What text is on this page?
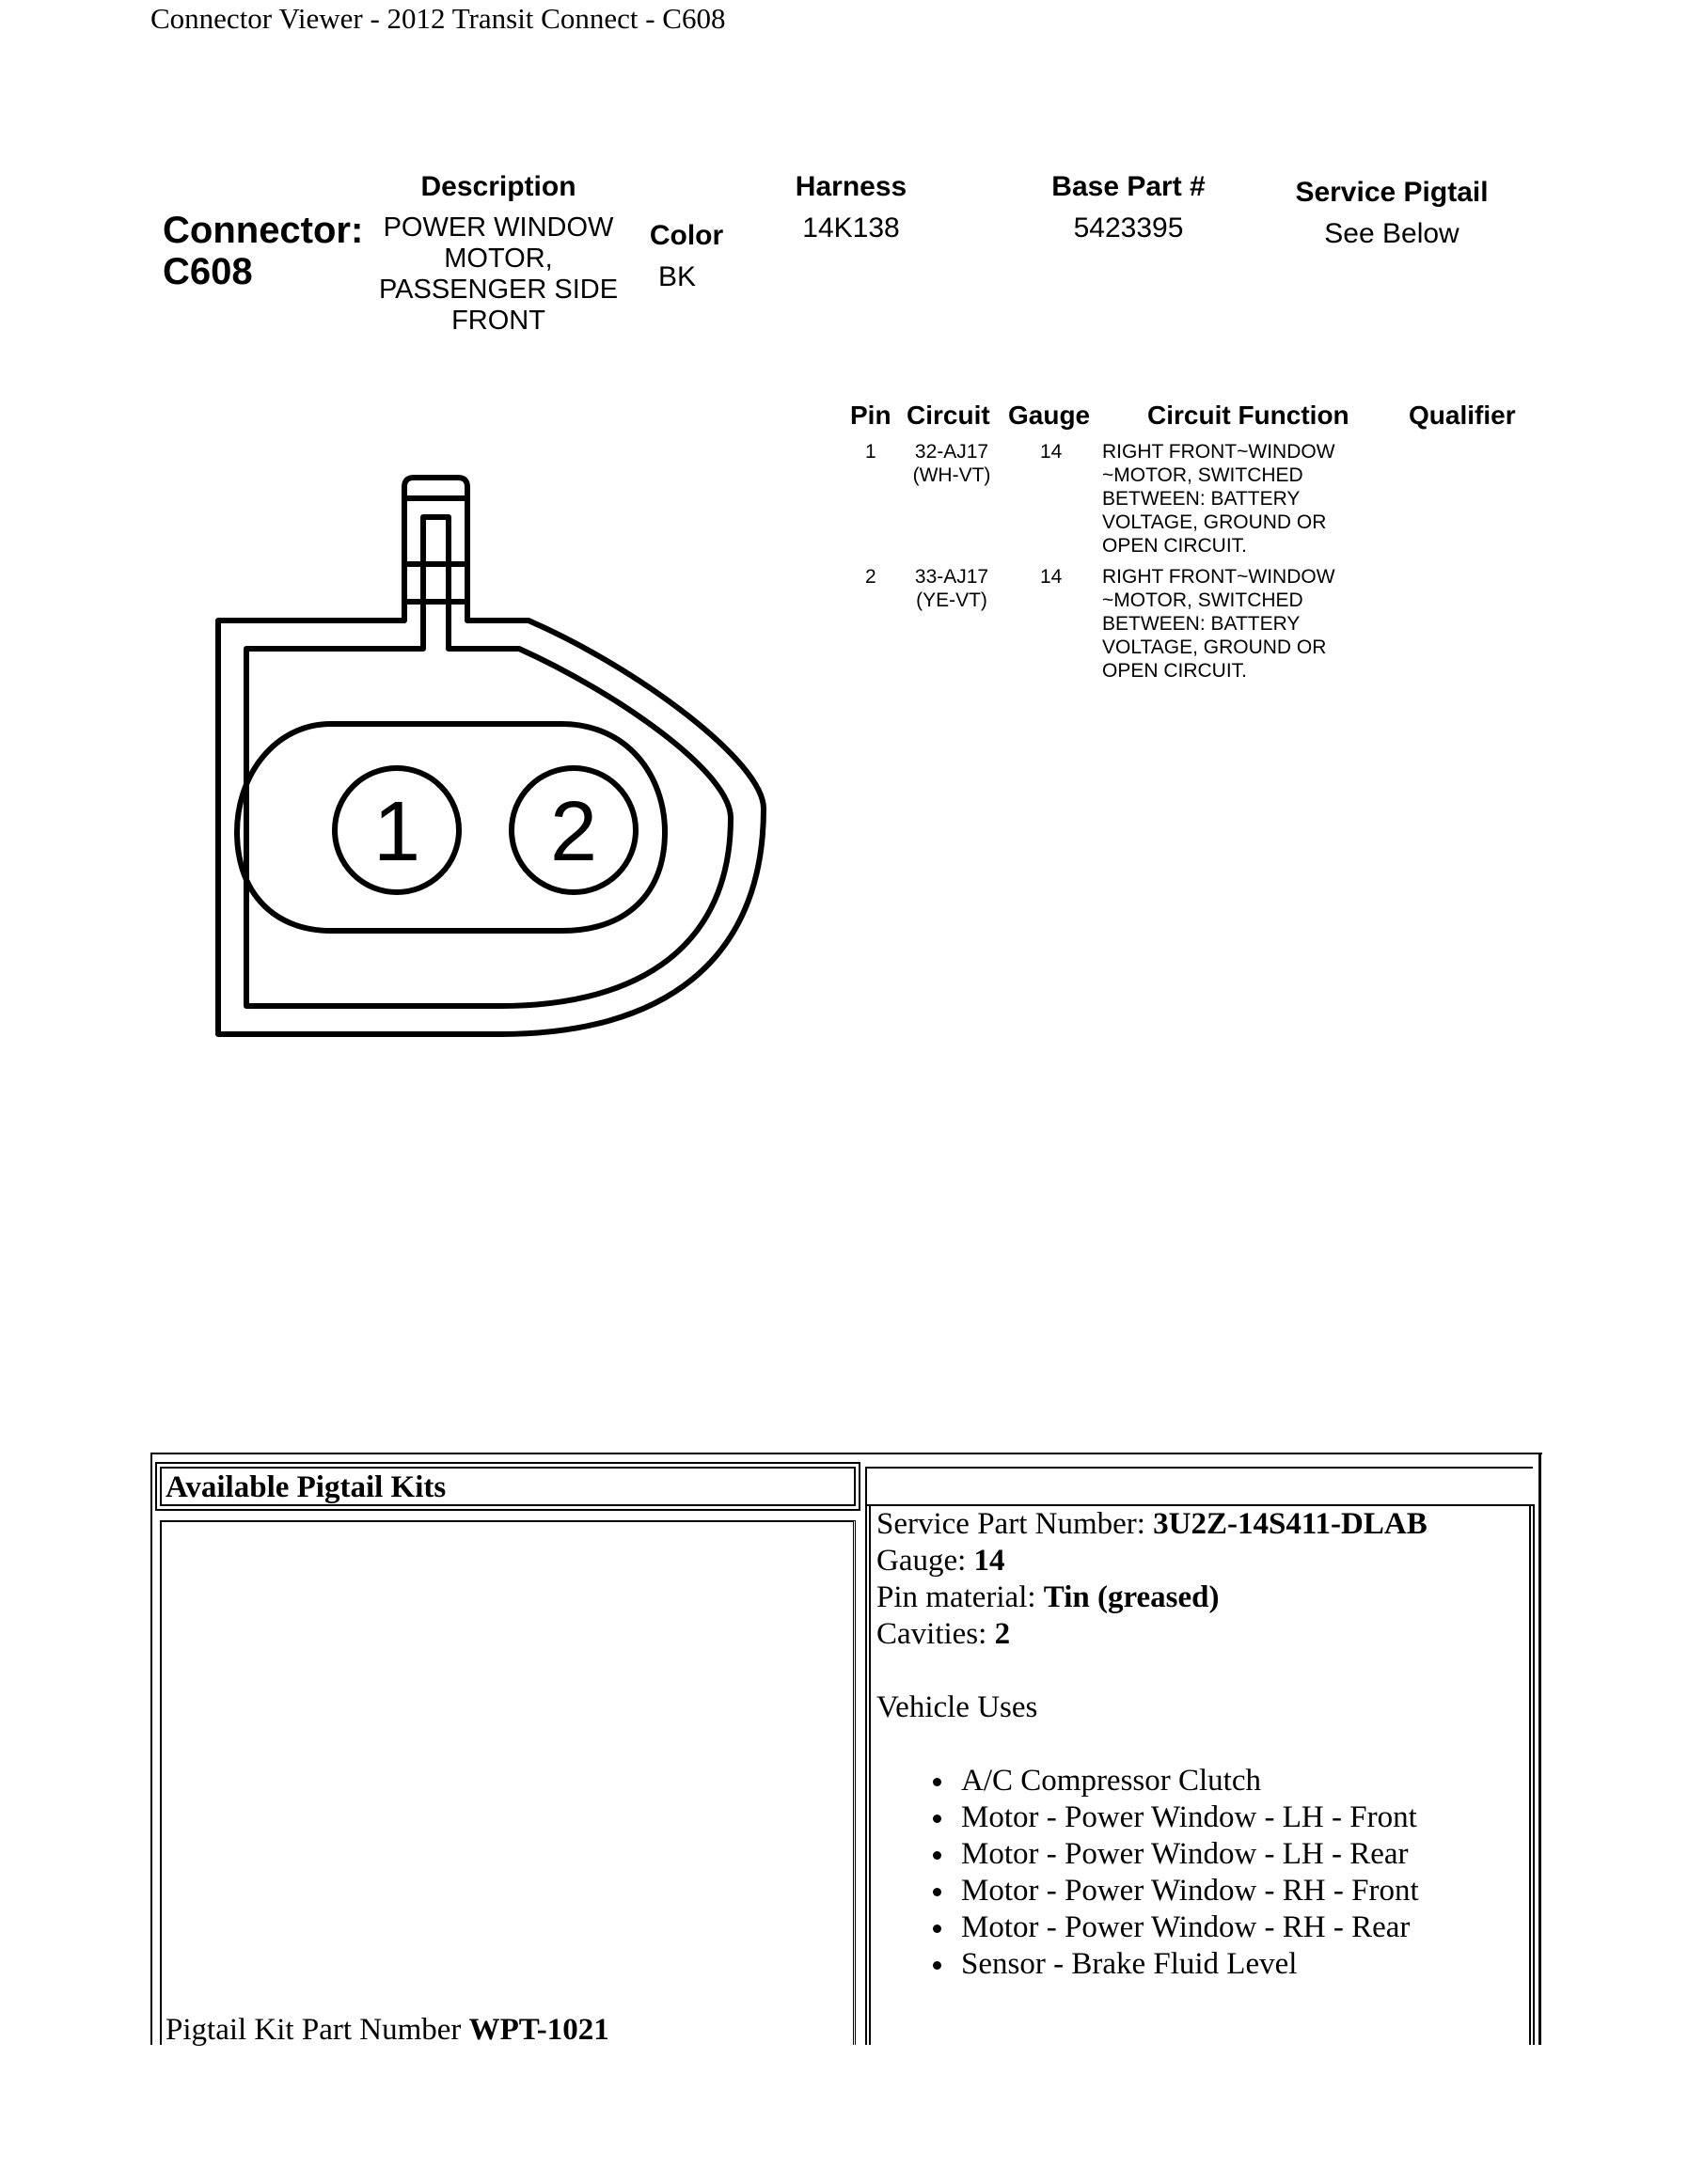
Connector Viewer - 2012 Transit Connect - C608
Description
POWER WINDOW
MOTOR,
PASSENGER SIDE
FRONT
Connector:
C608
Color
BK
Harness
14K138
Base Part #
5423395
Service Pigtail
See Below
Pin Circuit Gauge Circuit Function Qualifier
1	32-AJ17
(WH-VT)
14 RIGHT FRONT~WINDOW
~MOTOR, SWITCHED
BETWEEN: BATTERY
VOLTAGE, GROUND OR
OPEN CIRCUIT.
2	33-AJ17
(YE-VT)
14 RIGHT FRONT~WINDOW
~MOTOR, SWITCHED
BETWEEN: BATTERY
VOLTAGE, GROUND OR
OPEN CIRCUIT.
1 2
Available Pigtail Kits
Pigtail Kit Part Number WPT-1021
Service Part Number: 3U2Z-14S411-DLAB
Gauge: 14
Pin material: Tin (greased)
Cavities: 2
Vehicle Uses
A/C Compressor Clutch
Motor - Power Window - LH - Front
Motor - Power Window - LH - Rear
Motor - Power Window - RH - Front
Motor - Power Window - RH - Rear
Sensor - Brake Fluid Level
